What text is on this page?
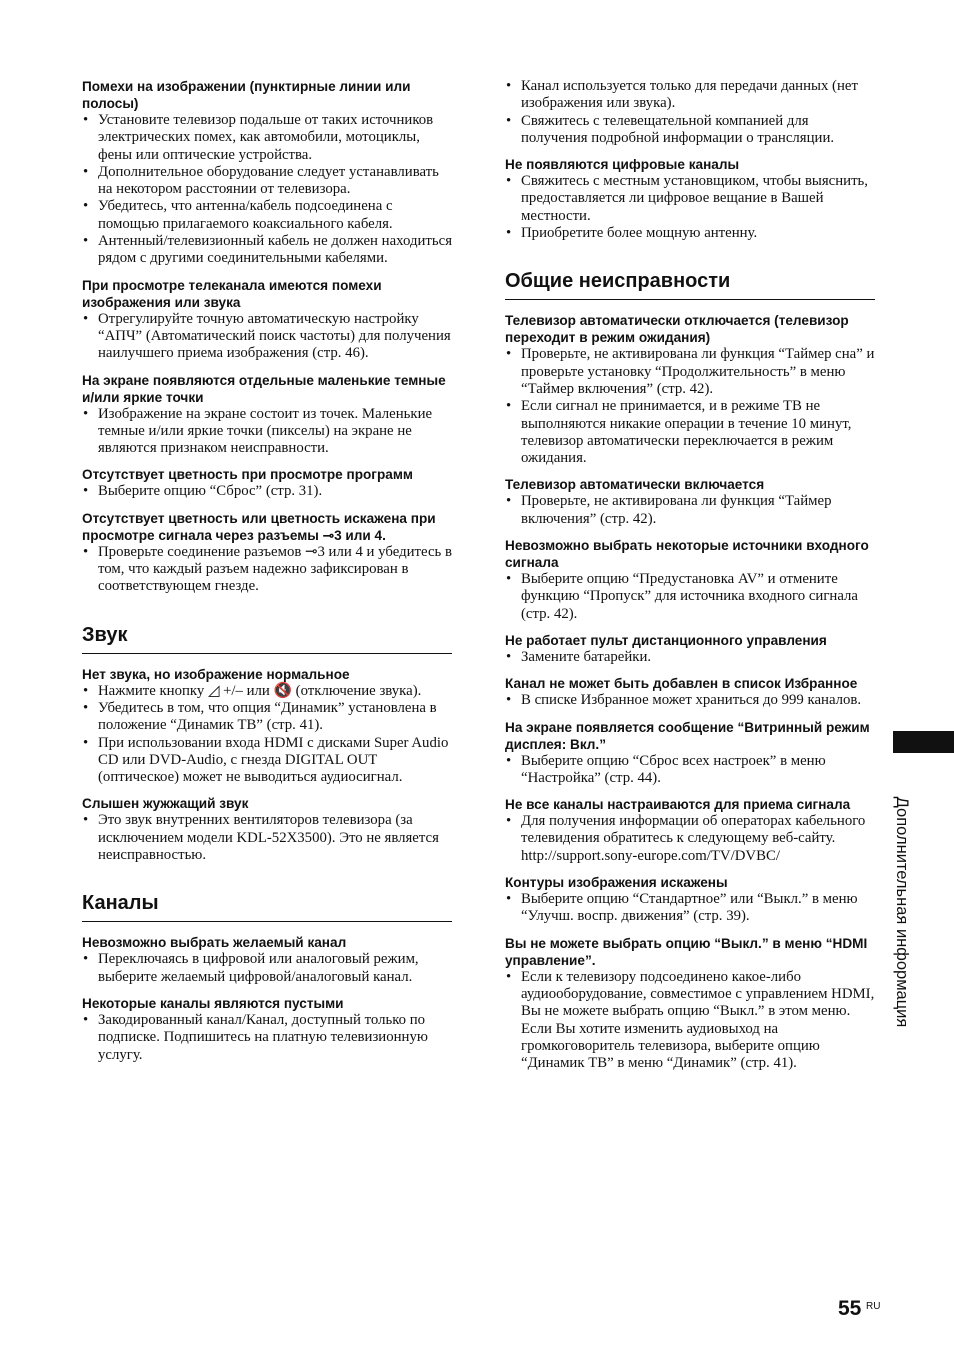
Помехи на изображении (пунктирные линии или полосы)

• Установите телевизор подальше от таких источников электрических помех, как автомобили, мотоциклы, фены или оптические устройства.
• Дополнительное оборудование следует устанавливать на некотором расстоянии от телевизора.
• Убедитесь, что антенна/кабель подсоединена с помощью прилагаемого коаксиального кабеля.
• Антенный/телевизионный кабель не должен находиться рядом с другими соединительными кабелями.

При просмотре телеканала имеются помехи изображения или звука

• Отрегулируйте точную автоматическую настройку “АПЧ” (Автоматический поиск частоты) для получения наилучшего приема изображения (стр. 46).

На экране появляются отдельные маленькие темные и/или яркие точки

• Изображение на экране состоит из точек. Маленькие темные и/или яркие точки (пикселы) на экране не являются признаком неисправности.

Отсутствует цветность при просмотре программ

• Выберите опцию “Сброс” (стр. 31).

Отсутствует цветность или цветность искажена при просмотре сигнала через разъемы ⊸3 или 4.

• Проверьте соединение разъемов ⊸3 или 4 и убедитесь в том, что каждый разъем надежно зафиксирован в соответствующем гнезде.
Звук

Нет звука, но изображение нормальное

• Нажмите кнопку ◿ +/– или 🔇 (отключение звука).
• Убедитесь в том, что опция “Динамик” установлена в положение “Динамик ТВ” (стр. 41).
• При использовании входа HDMI с дисками Super Audio CD или DVD-Audio, с гнезда DIGITAL OUT (оптическое) может не выводиться аудиосигнал.

Слышен жужжащий звук

• Это звук внутренних вентиляторов телевизора (за исключением модели KDL-52X3500). Это не является неисправностью.
Каналы

Невозможно выбрать желаемый канал

• Переключаясь в цифровой или аналоговый режим, выберите желаемый цифровой/аналоговый канал.

Некоторые каналы являются пустыми

• Закодированный канал/Канал, доступный только по подписке. Подпишитесь на платную телевизионную услугу.
• Канал используется только для передачи данных (нет изображения или звука).
• Свяжитесь с телевещательной компанией для получения подробной информации о трансляции.

Не появляются цифровые каналы

• Свяжитесь с местным установщиком, чтобы выяснить, предоставляется ли цифровое вещание в Вашей местности.
• Приобретите более мощную антенну.
Общие неисправности

Телевизор автоматически отключается (телевизор переходит в режим ожидания)

• Проверьте, не активирована ли функция “Таймер сна” и проверьте установку “Продолжительность” в меню “Таймер включения” (стр. 42).
• Если сигнал не принимается, и в режиме ТВ не выполняются никакие операции в течение 10 минут, телевизор автоматически переключается в режим ожидания.

Телевизор автоматически включается

• Проверьте, не активирована ли функция “Таймер включения” (стр. 42).

Невозможно выбрать некоторые источники входного сигнала

• Выберите опцию “Предустановка AV” и отмените функцию “Пропуск” для источника входного сигнала (стр. 42).

Не работает пульт дистанционного управления

• Замените батарейки.

Канал не может быть добавлен в список Избранное

• В списке Избранное может храниться до 999 каналов.

На экране появляется сообщение “Витринный режим дисплея: Вкл.”

• Выберите опцию “Сброс всех настроек” в меню “Настройка” (стр. 44).

Не все каналы настраиваются для приема сигнала

• Для получения информации об операторах кабельного телевидения обратитесь к следующему веб-сайту. http://support.sony-europe.com/TV/DVBC/

Контуры изображения искажены

• Выберите опцию “Стандартное” или “Выкл.” в меню “Улучш. воспр. движения” (стр. 39).

Вы не можете выбрать опцию “Выкл.” в меню “HDMI управление”.

• Если к телевизору подсоединено какое-либо аудиооборудование, совместимое с управлением HDMI, Вы не можете выбрать опцию “Выкл.” в этом меню. Если Вы хотите изменить аудиовыход на громкоговоритель телевизора, выберите опцию “Динамик ТВ” в меню “Динамик” (стр. 41).
Дополнительная информация
55 RU
